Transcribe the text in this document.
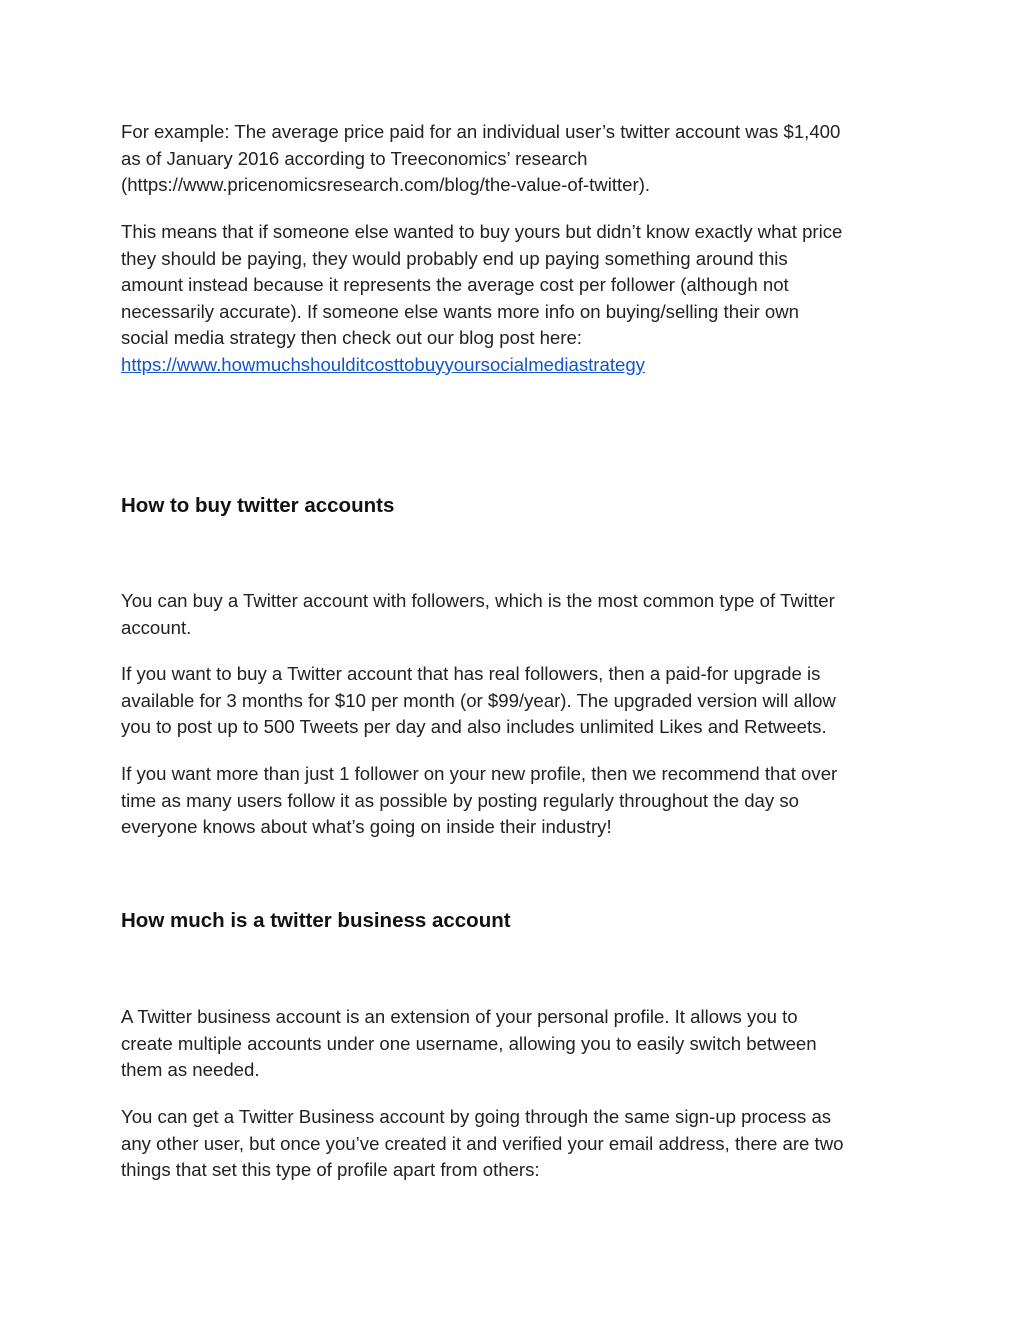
For example: The average price paid for an individual user’s twitter account was $1,400

as of January 2016 according to Treeconomics’ research

(https://www.pricenomicsresearch.com/blog/the-value-of-twitter).

This means that if someone else wanted to buy yours but didn’t know exactly what price

they should be paying, they would probably end up paying something around this

amount instead because it represents the average cost per follower (although not

necessarily accurate). If someone else wants more info on buying/selling their own

social media strategy then check out our blog post here:

https://www.howmuchshoulditcosttobuyyoursocialmediastrategy

How to buy twitter accounts

You can buy a Twitter account with followers, which is the most common type of Twitter

account.

If you want to buy a Twitter account that has real followers, then a paid-for upgrade is

available for 3 months for $10 per month (or $99/year). The upgraded version will allow

you to post up to 500 Tweets per day and also includes unlimited Likes and Retweets.

If you want more than just 1 follower on your new profile, then we recommend that over

time as many users follow it as possible by posting regularly throughout the day so

everyone knows about what’s going on inside their industry!

How much is a twitter business account

A Twitter business account is an extension of your personal profile. It allows you to

create multiple accounts under one username, allowing you to easily switch between

them as needed.

You can get a Twitter Business account by going through the same sign-up process as

any other user, but once you’ve created it and verified your email address, there are two

things that set this type of profile apart from others:
